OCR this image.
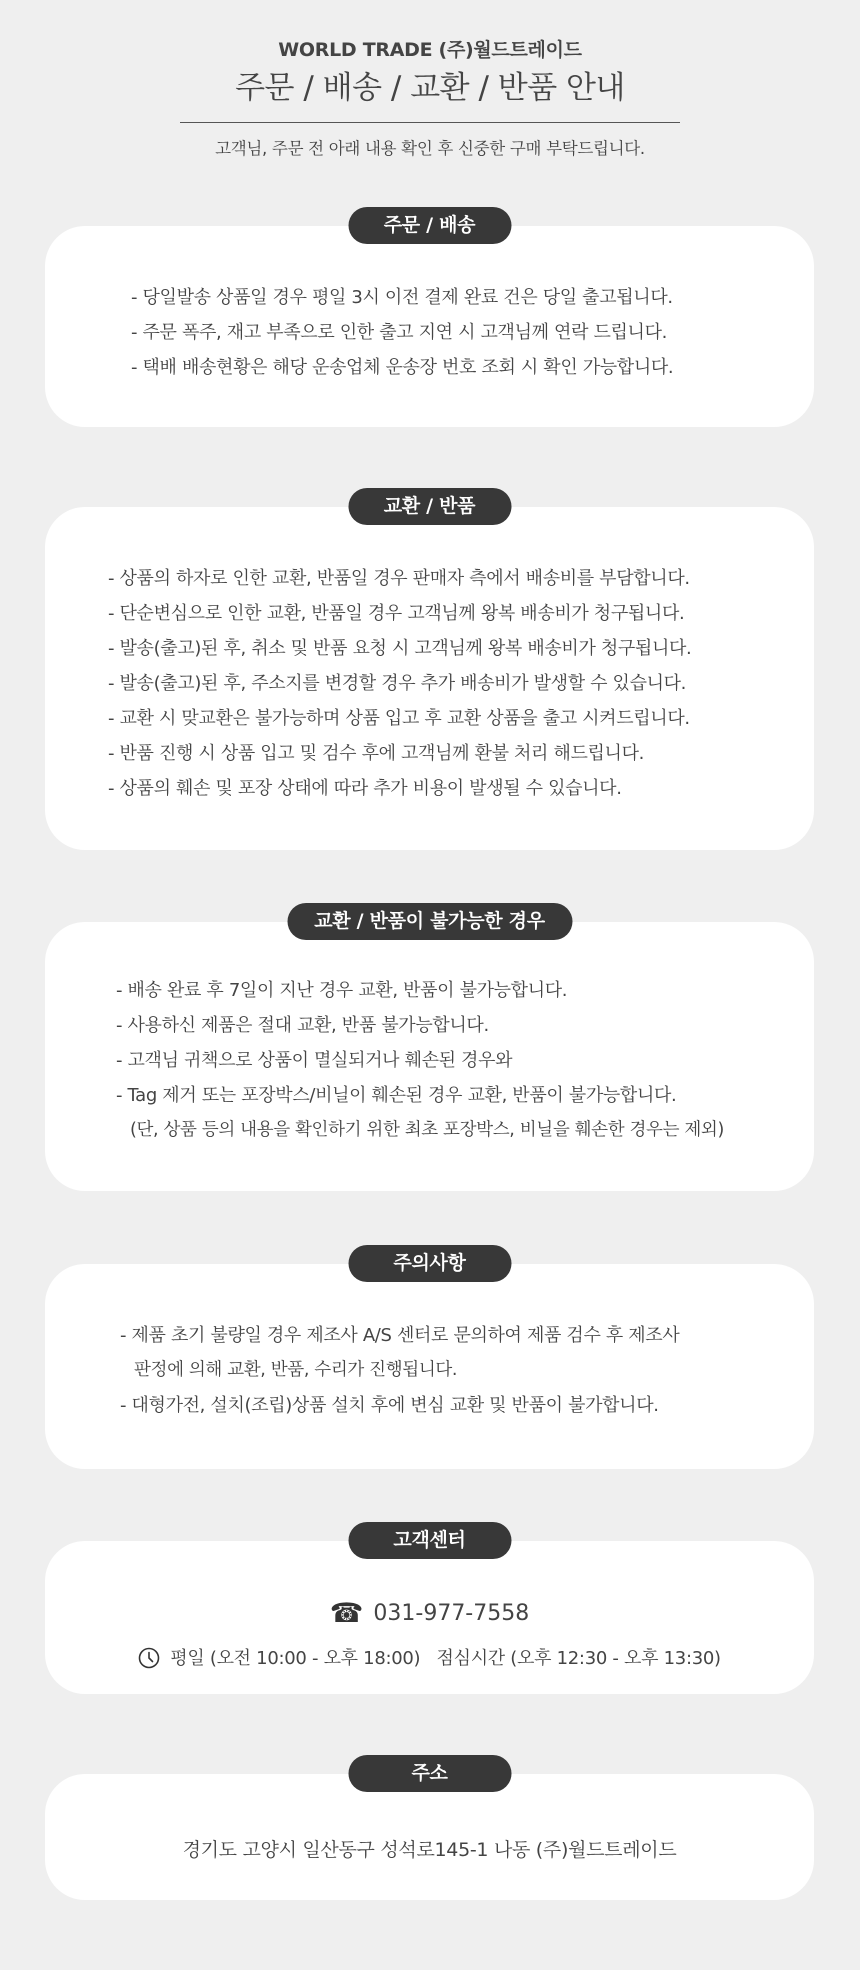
WORLD TRADE (주)월드트레이드
주문 / 배송 / 교환 / 반품 안내
고객님, 주문 전 아래 내용 확인 후 신중한 구매 부탁드립니다.
주문 / 배송
- 당일발송 상품일 경우 평일 3시 이전 결제 완료 건은 당일 출고됩니다.
- 주문 폭주, 재고 부족으로 인한 출고 지연 시 고객님께 연락 드립니다.
- 택배 배송현황은 해당 운송업체 운송장 번호 조회 시 확인 가능합니다.
교환 / 반품
- 상품의 하자로 인한 교환, 반품일 경우 판매자 측에서 배송비를 부담합니다.
- 단순변심으로 인한 교환, 반품일 경우 고객님께 왕복 배송비가 청구됩니다.
- 발송(출고)된 후, 취소 및 반품 요청 시 고객님께 왕복 배송비가 청구됩니다.
- 발송(출고)된 후, 주소지를 변경할 경우 추가 배송비가 발생할 수 있습니다.
- 교환 시 맞교환은 불가능하며 상품 입고 후 교환 상품을 출고 시켜드립니다.
- 반품 진행 시 상품 입고 및 검수 후에 고객님께 환불 처리 해드립니다.
- 상품의 훼손 및 포장 상태에 따라 추가 비용이 발생될 수 있습니다.
교환 / 반품이 불가능한 경우
- 배송 완료 후 7일이 지난 경우 교환, 반품이 불가능합니다.
- 사용하신 제품은 절대 교환, 반품 불가능합니다.
- 고객님 귀책으로 상품이 멸실되거나 훼손된 경우와
- Tag 제거 또는 포장박스/비닐이 훼손된 경우 교환, 반품이 불가능합니다.
(단, 상품 등의 내용을 확인하기 위한 최초 포장박스, 비닐을 훼손한 경우는 제외)
주의사항
- 제품 초기 불량일 경우 제조사 A/S 센터로 문의하여 제품 검수 후 제조사
판정에 의해 교환, 반품, 수리가 진행됩니다.
- 대형가전, 설치(조립)상품 설치 후에 변심 교환 및 반품이 불가합니다.
고객센터
☎ 031-977-7558
평일 (오전 10:00 - 오후 18:00)   점심시간 (오후 12:30 - 오후 13:30)
주소
경기도 고양시 일산동구 성석로145-1 나동 (주)월드트레이드
